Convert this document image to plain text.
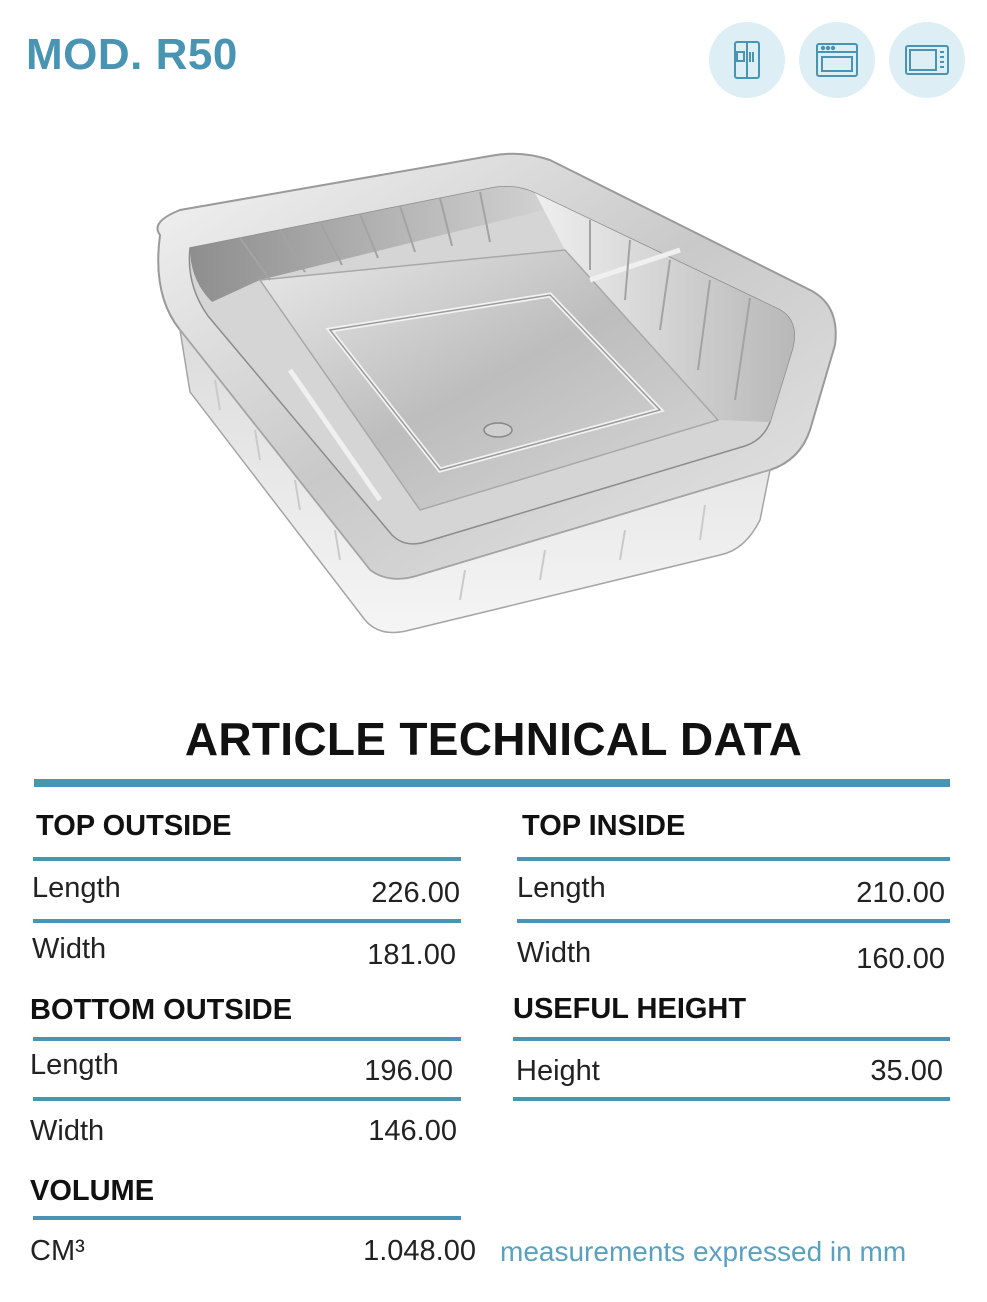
MOD. R50
ARTICLE TECHNICAL DATA
TOP OUTSIDE
Length	226.00
Width	181.00
BOTTOM OUTSIDE
Length	196.00
Width	146.00
VOLUME
CM³	1.048.00
TOP INSIDE
Length	210.00
Width	160.00
USEFUL HEIGHT
Height	35.00
measurements expressed in mm
